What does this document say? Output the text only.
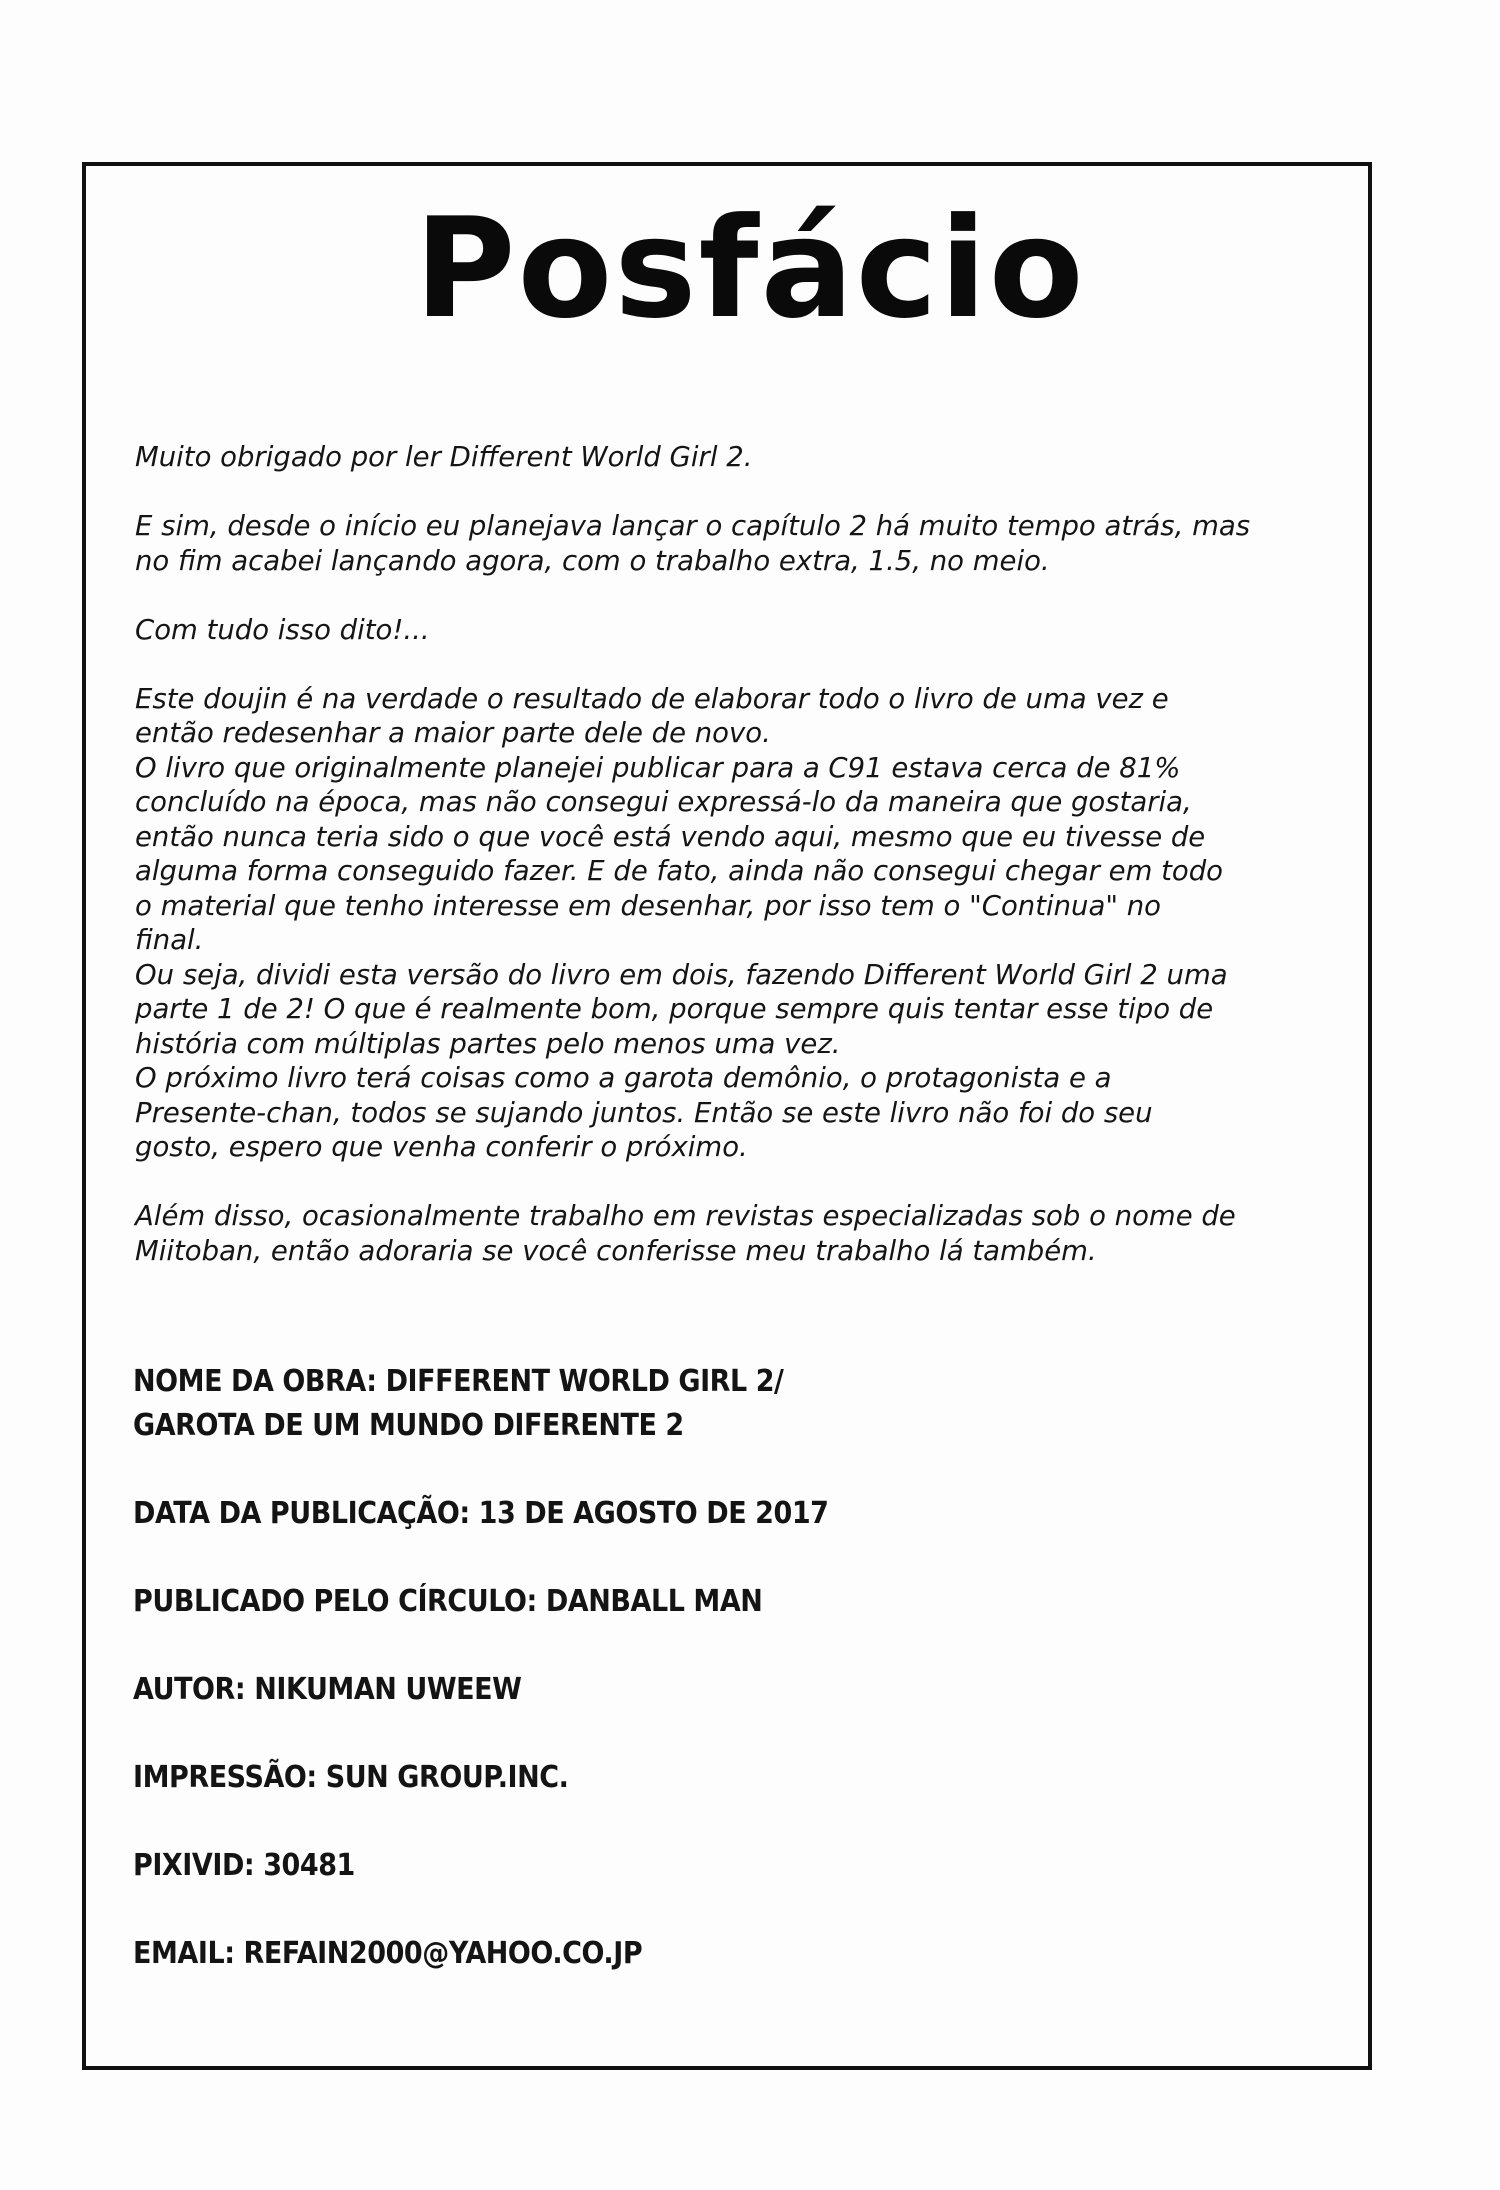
Posfácio
Muito obrigado por ler Different World Girl 2.
E sim, desde o início eu planejava lançar o capítulo 2 há muito tempo atrás, mas
no fim acabei lançando agora, com o trabalho extra, 1.5, no meio.
Com tudo isso dito!...
Este doujin é na verdade o resultado de elaborar todo o livro de uma vez e
então redesenhar a maior parte dele de novo.
O livro que originalmente planejei publicar para a C91 estava cerca de 81%
concluído na época, mas não consegui expressá-lo da maneira que gostaria,
então nunca teria sido o que você está vendo aqui, mesmo que eu tivesse de
alguma forma conseguido fazer. E de fato, ainda não consegui chegar em todo
o material que tenho interesse em desenhar, por isso tem o "Continua" no
final.
Ou seja, dividi esta versão do livro em dois, fazendo Different World Girl 2 uma
parte 1 de 2! O que é realmente bom, porque sempre quis tentar esse tipo de
história com múltiplas partes pelo menos uma vez.
O próximo livro terá coisas como a garota demônio, o protagonista e a
Presente-chan, todos se sujando juntos. Então se este livro não foi do seu
gosto, espero que venha conferir o próximo.
Além disso, ocasionalmente trabalho em revistas especializadas sob o nome de
Miitoban, então adoraria se você conferisse meu trabalho lá também.
NOME DA OBRA: DIFFERENT WORLD GIRL 2/
GAROTA DE UM MUNDO DIFERENTE 2
DATA DA PUBLICAÇÃO: 13 DE AGOSTO DE 2017
PUBLICADO PELO CÍRCULO: DANBALL MAN
AUTOR: NIKUMAN UWEEW
IMPRESSÃO: SUN GROUP.INC.
PIXIVID: 30481
EMAIL: REFAIN2000@YAHOO.CO.JP
